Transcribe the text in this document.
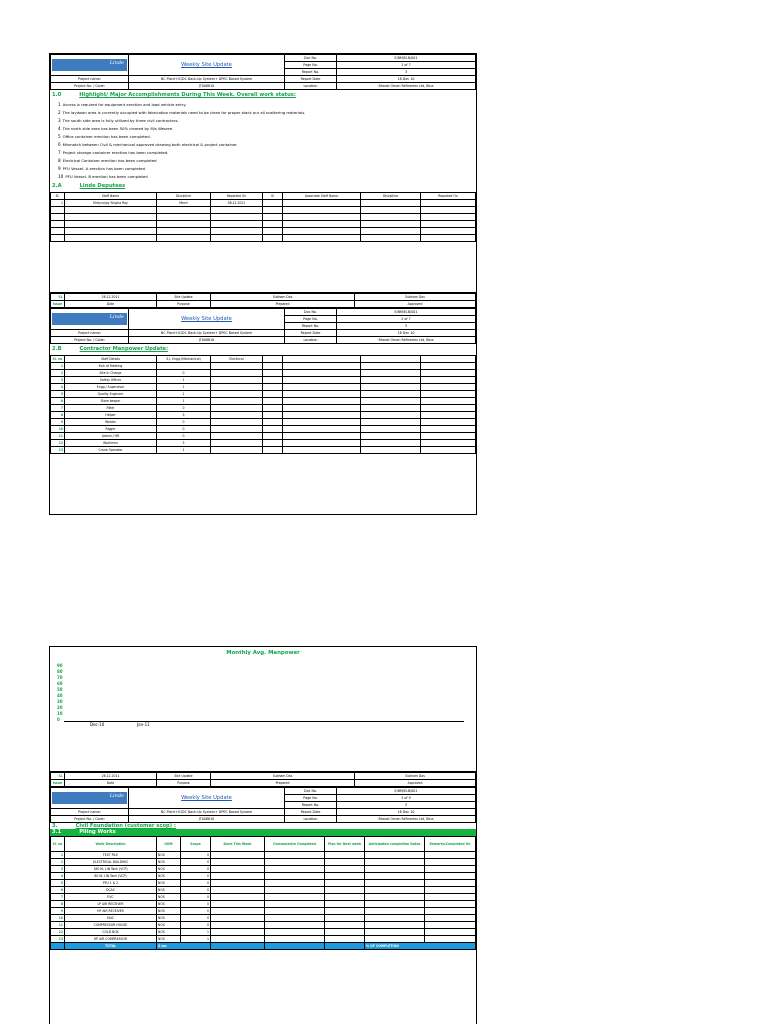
Linde	Weekly Site Update	Doc No.	E/BM/ELB/001
		Page No.	1 of 7
		Report No.	3
Project name:	NC Plant+IC/DC Back-Up System+ DPEC Based System	Report Date	18 Dec 10
Project No. / Code:	JT008810	Location	Bharat Oman Refineries Ltd, Bina
1.0	Highlight/ Major Accomplishments During This Week. Overall work status:
1 Access is required for equipment erection and load vehicle entry.
2 The laydown area is currently occupied with fabrication materials need to be clean for proper stack our all scattering materials.
3 The south side area is fully utilized by three civil contractors.
4 The north side area has been 50% cleared by M/s Wesree.
5 Office container erection has been completed.
6 Mismatch between Civil & mechanical approved drawing both electrical & project container.
7 Project storage container erection has been completed.
8 Electrical Container erection has been completed
9 PFU Vessel- A erection has been completed
10 PFU Vessel- B erection has been completed
2.A	Linde Deputees
Sl.	Staff Name	Discipline	Reported On	Sl	Associate Staff Name	Discipline	Reported On
1	Mrityunjay Singha Roy	Mech	08.12.2011				

Sl.	26.12.2011	Site Update	Subham Das	Subham Das
Issue	Date	Purpose	Prepared	Approved
Linde	Weekly Site Update	Doc No.	E/BM/ELB/001
		Page No.	2 of 7
		Report No.	3
Project name:	NC Plant+IC/DC Back-Up System+ DPEC Based System	Report Date	18 Dec 10
Project No. / Code:	JT008810	Location	Bharat Oman Refineries Ltd, Bina
2.B	Contractor Manpower Update:
Sl. no	Staff Details	S.J. Engg.(Mechanical)	Electrical				
1	Kick of Meeting						
2	Site In Charge	0					
3	Safety Officer	1					
4	Engg./ Supervisor	1					
5	Quality Engineer	1					
6	Store keeper	1					
7	Fitter	0					
8	Helper	3					
9	Welder	0					
10	Rigger	0					
11	Admin / HR	0					
12	Workmen	3					
13	Crane Operator	1					
Monthly Avg. Manpower
90
80
70
60
50
40
30
20
10
0
Dec-10	Jan-11
Sl.	26.12.2011	Site Update	Subham Das	Subham Das
Issue	Date	Purpose	Prepared	Approved
Linde	Weekly Site Update	Doc No.	E/BM/ELB/001
		Page No.	3 of 9
		Report No.	3
Project name:	NC Plant+IC/DC Back-Up System+ DPEC Based System	Report Date	18 Dec 10
Project No. / Code:	JT008810	Location	Bharat Oman Refineries Ltd, Bina
3.	Civil Foundation (customer scop) :
3.1	Piling Works
Sl. no	Work Description	UOM	Scope	Done This Week	Commulative Completed	Plan for Next week	Anticipated completion Dates	Remarks/Completed On
1	TEST PILE	NOS	0					
2	ELECTRICAL BUILDING	NOS	0					
3	180 KL LIN Tank (VCP)	NOS	0					
4	80 KL LIN Tank (VCP)	NOS	0					
5	PFU 1 & 2	NOS	0					
6	DCAC	NOS	0					
7	EVC	NOS	0					
8	LP AIR RECEIVER	NOS	0					
9	HP AIR RECEIVER	NOS	0					
10	MAC	NOS	0					
11	COMPRESSOR HOUSE	NOS	0					
12	COLD BOX	NOS	1					
13	HP AIR COMPRESSOR	NOS	1					
	TOTAL	2 nm					% OF COMPLETION	
